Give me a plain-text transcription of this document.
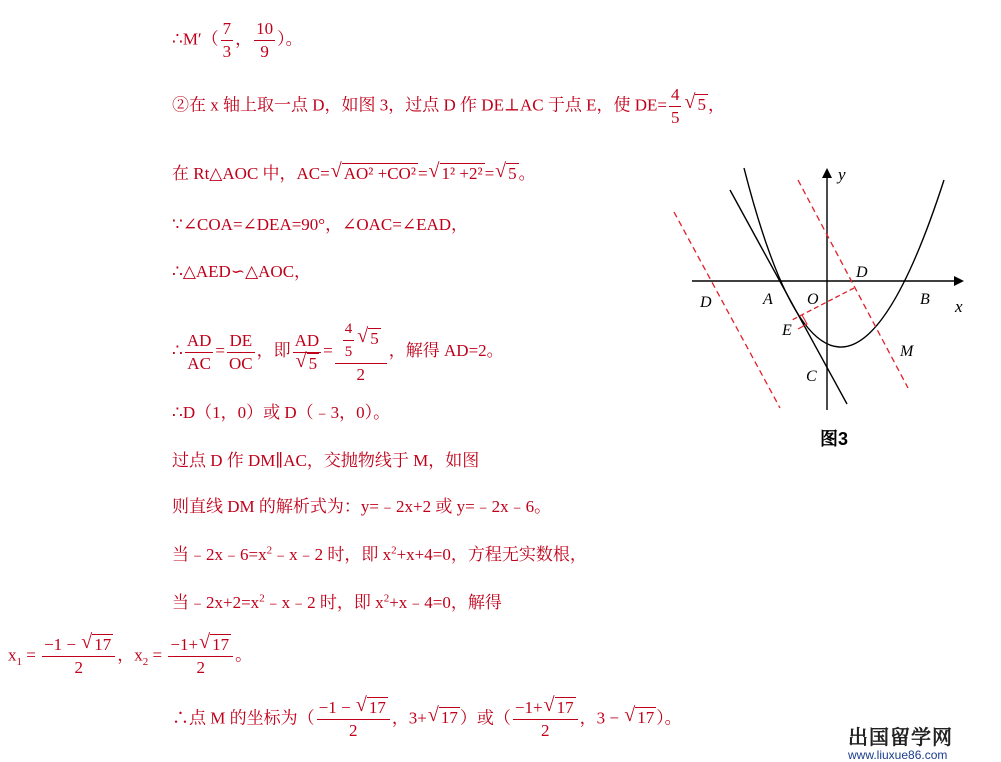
∴M′（ $\frac{7}{3}$ ， $\frac{10}{9}$ ）。
②在 x 轴上取一点 D，如图 3，过点 D 作 DE⊥AC 于点 E，使 $DE= \frac{4}{5}$
√ 5 ，
在 Rt△AOC 中，AC=√ AO² +CO² =√ 1² +2² =√ 5 。
∵∠COA=∠DEA=90°，∠OAC=∠EAD，
∴△AED∽△AOC，
∴ $\frac{AD}{AC} = \frac{DE}{OC}$ ，即 AD
√ $5 = \frac{4}{5}$
√ 5
2 ，解得 AD=2。
∴D（1，0）或 D（﹣3，0）。
过点 D 作 DM∥AC，交抛物线于 M，如图
则直线 DM 的解析式为：y=﹣2x+2 或 y=﹣2x﹣6。
当$﹣2x﹣6=x^2﹣x﹣2$ 时，即 $x^2+x+4=0$，方程无实数根，
当$﹣2x+2=x^2﹣x﹣2$ 时，即 $x^2+x﹣4=0$，解得
$x_1 = \frac{-1 - √ 17}{2}$ ，$x_2 = \frac{-1+√ 17}{2}$ 。
∴点 M 的坐标为（ $\frac{-1 - √ 17}{2}$ ，3+√ 17 ）或（ $\frac{-1+√ 17}{2}$ ，3 − √ 17 ）。
y
x
O
A	B
C
D
D
E
M
图3
出国留学网
www.liuxue86.com
